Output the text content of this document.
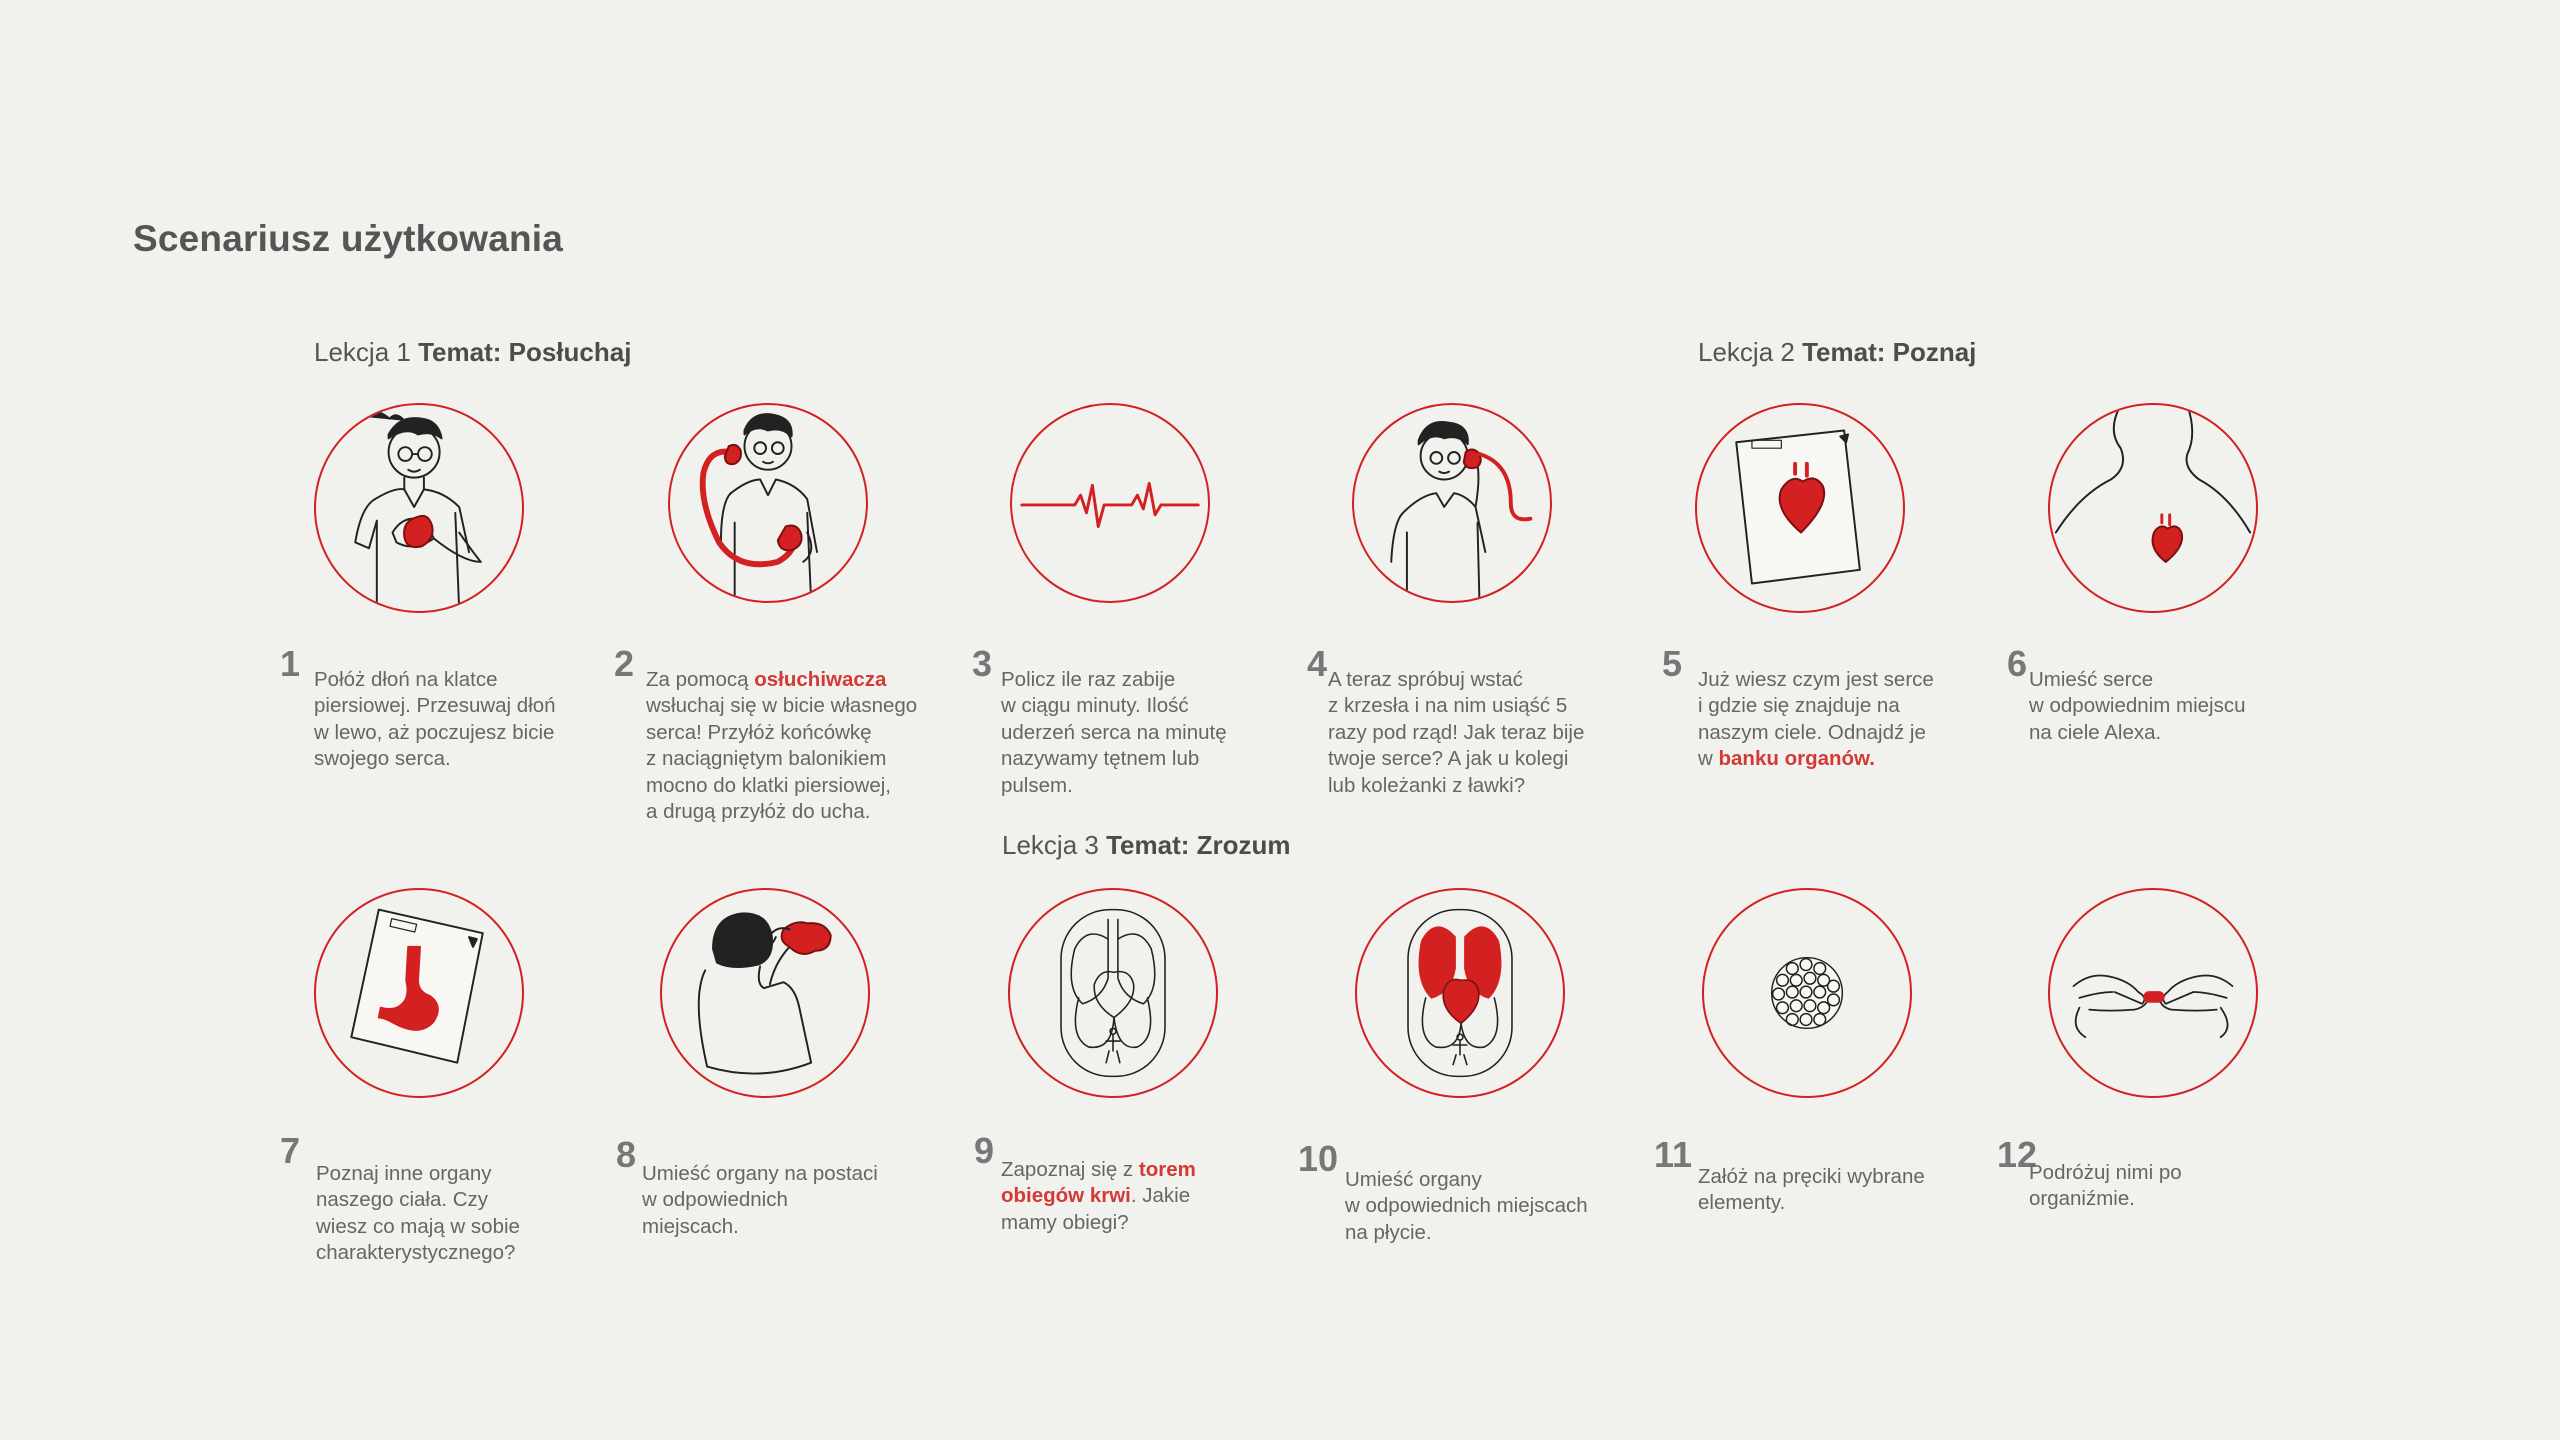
Scenariusz użytkowania
Lekcja 1 Temat: Posłuchaj	Lekcja 2 Temat: Poznaj
Lekcja 3 Temat: Zrozum
1 Połóż dłoń na klatce
piersiowej. Przesuwaj dłoń
w lewo, aż poczujesz bicie
swojego serca.

2 Za pomocą osłuchiwacza
wsłuchaj się w bicie własnego
serca! Przyłóż końcówkę
z naciągniętym balonikiem
mocno do klatki piersiowej,
a drugą przyłóż do ucha.

3 Policz ile raz zabije
w ciągu minuty. Ilość
uderzeń serca na minutę
nazywamy tętnem lub
pulsem.

4 A teraz spróbuj wstać
z krzesła i na nim usiąść 5
razy pod rząd! Jak teraz bije
twoje serce? A jak u kolegi
lub koleżanki z ławki?

5 Już wiesz czym jest serce
i gdzie się znajduje na
naszym ciele. Odnajdź je
w banku organów.

6 Umieść serce
w odpowiednim miejscu
na ciele Alexa.

7

Poznaj inne organy
naszego ciała. Czy
wiesz co mają w sobie
charakterystycznego?

8 Umieść organy na postaci
w odpowiednich
miejscach.

9 Zapoznaj się z torem
obiegów krwi. Jakie
mamy obiegi?

10 Umieść organy
w odpowiednich miejscach
na płycie.

11

Załóż na pręciki wybrane
elementy.

12

Podróżuj nimi po
organiźmie.
